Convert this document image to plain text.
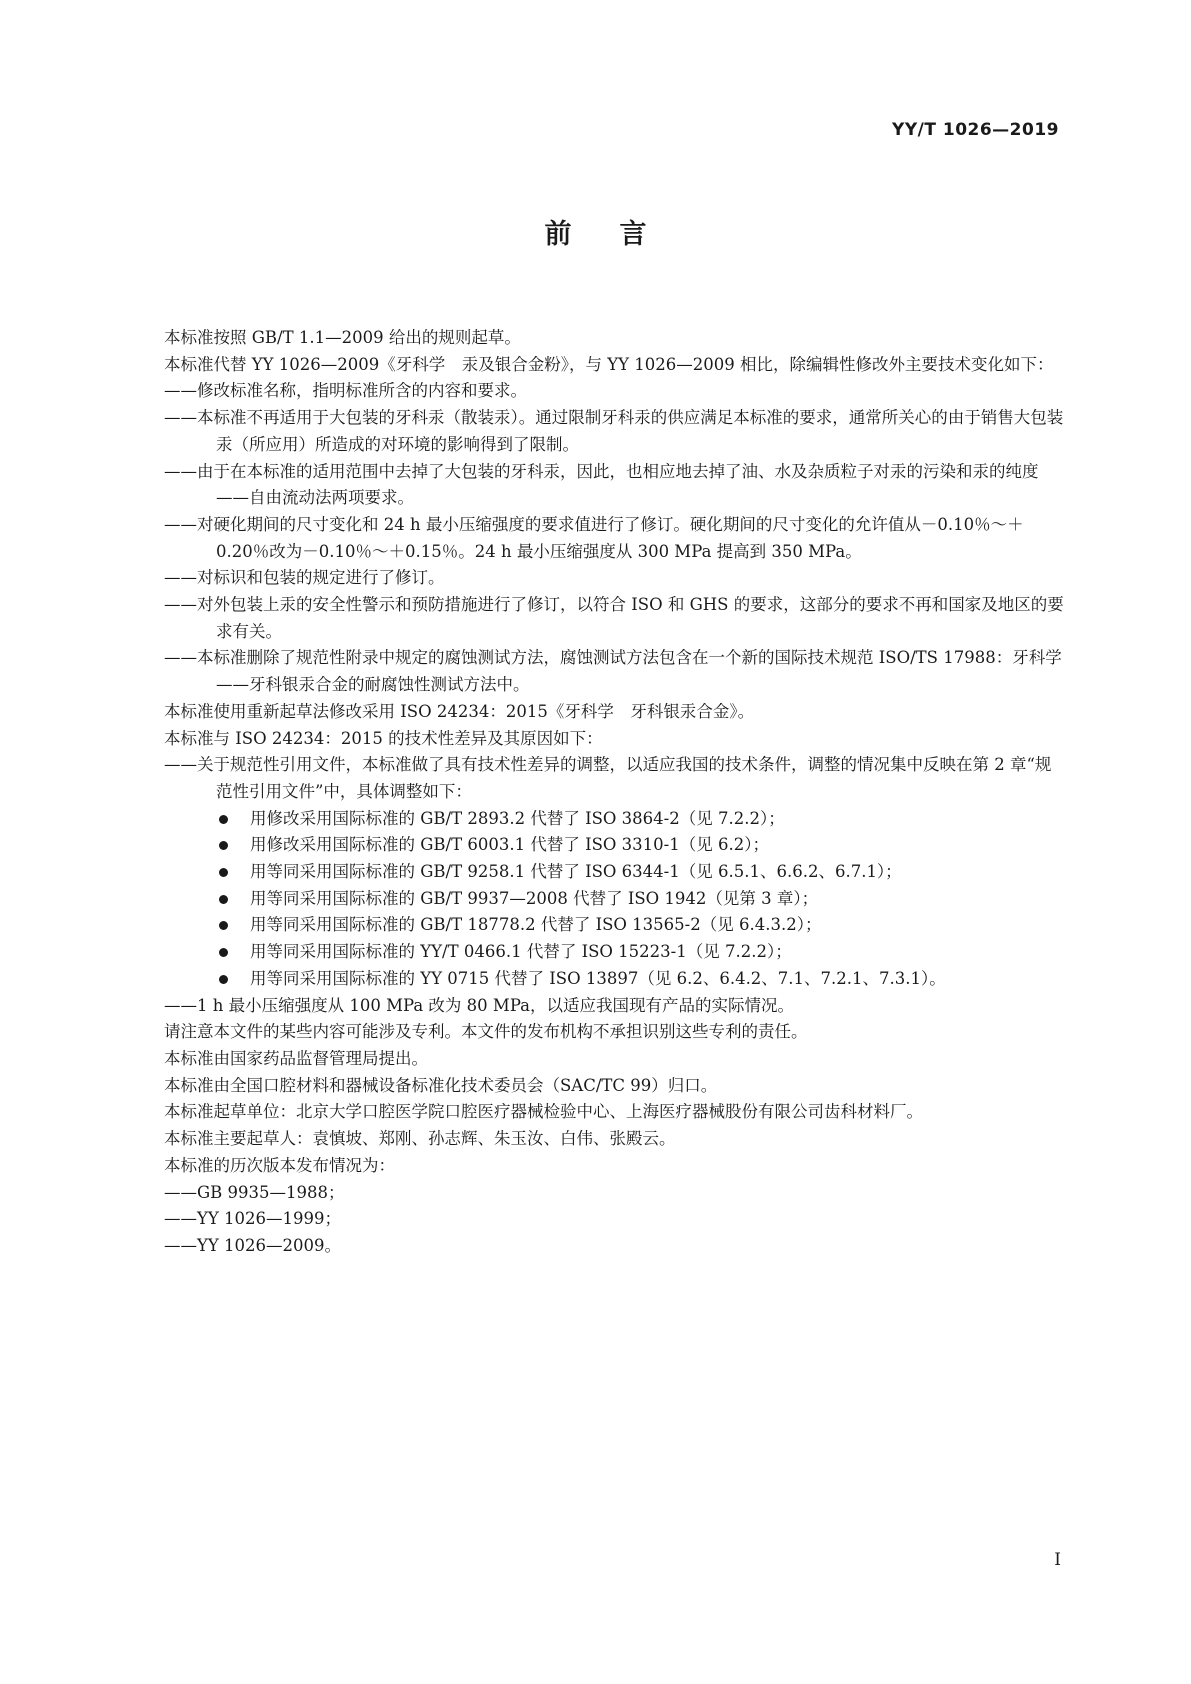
YY/T 1026—2019
前言

本标准按照 GB/T 1.1—2009 给出的规则起草。

本标准代替 YY 1026—2009《牙科学　汞及银合金粉》，与 YY 1026—2009 相比，除编辑性修改外主要技术变化如下：

——修改标准名称，指明标准所含的内容和要求。

——本标准不再适用于大包装的牙科汞（散装汞）。通过限制牙科汞的供应满足本标准的要求，通常所关心的由于销售大包装汞（所应用）所造成的对环境的影响得到了限制。

——由于在本标准的适用范围中去掉了大包装的牙科汞，因此，也相应地去掉了油、水及杂质粒子对汞的污染和汞的纯度——自由流动法两项要求。

——对硬化期间的尺寸变化和 24 h 最小压缩强度的要求值进行了修订。硬化期间的尺寸变化的允许值从－0.10％～＋0.20％改为－0.10％～＋0.15％。24 h 最小压缩强度从 300 MPa 提高到 350 MPa。

——对标识和包装的规定进行了修订。

——对外包装上汞的安全性警示和预防措施进行了修订，以符合 ISO 和 GHS 的要求，这部分的要求不再和国家及地区的要求有关。

——本标准删除了规范性附录中规定的腐蚀测试方法，腐蚀测试方法包含在一个新的国际技术规范 ISO/TS 17988：牙科学——牙科银汞合金的耐腐蚀性测试方法中。

本标准使用重新起草法修改采用 ISO 24234：2015《牙科学　牙科银汞合金》。

本标准与 ISO 24234：2015 的技术性差异及其原因如下：

——关于规范性引用文件，本标准做了具有技术性差异的调整，以适应我国的技术条件，调整的情况集中反映在第 2 章“规范性引用文件”中，具体调整如下：

用修改采用国际标准的 GB/T 2893.2 代替了 ISO 3864-2（见 7.2.2）；

用修改采用国际标准的 GB/T 6003.1 代替了 ISO 3310-1（见 6.2）；

用等同采用国际标准的 GB/T 9258.1 代替了 ISO 6344-1（见 6.5.1、6.6.2、6.7.1）；

用等同采用国际标准的 GB/T 9937—2008 代替了 ISO 1942（见第 3 章）；

用等同采用国际标准的 GB/T 18778.2 代替了 ISO 13565-2（见 6.4.3.2）；

用等同采用国际标准的 YY/T 0466.1 代替了 ISO 15223-1（见 7.2.2）；

用等同采用国际标准的 YY 0715 代替了 ISO 13897（见 6.2、6.4.2、7.1、7.2.1、7.3.1）。

——1 h 最小压缩强度从 100 MPa 改为 80 MPa，以适应我国现有产品的实际情况。

请注意本文件的某些内容可能涉及专利。本文件的发布机构不承担识别这些专利的责任。

本标准由国家药品监督管理局提出。

本标准由全国口腔材料和器械设备标准化技术委员会（SAC/TC 99）归口。

本标准起草单位：北京大学口腔医学院口腔医疗器械检验中心、上海医疗器械股份有限公司齿科材料厂。

本标准主要起草人：袁慎坡、郑刚、孙志辉、朱玉汝、白伟、张殿云。

本标准的历次版本发布情况为：

——GB 9935—1988；

——YY 1026—1999；

——YY 1026—2009。

I
